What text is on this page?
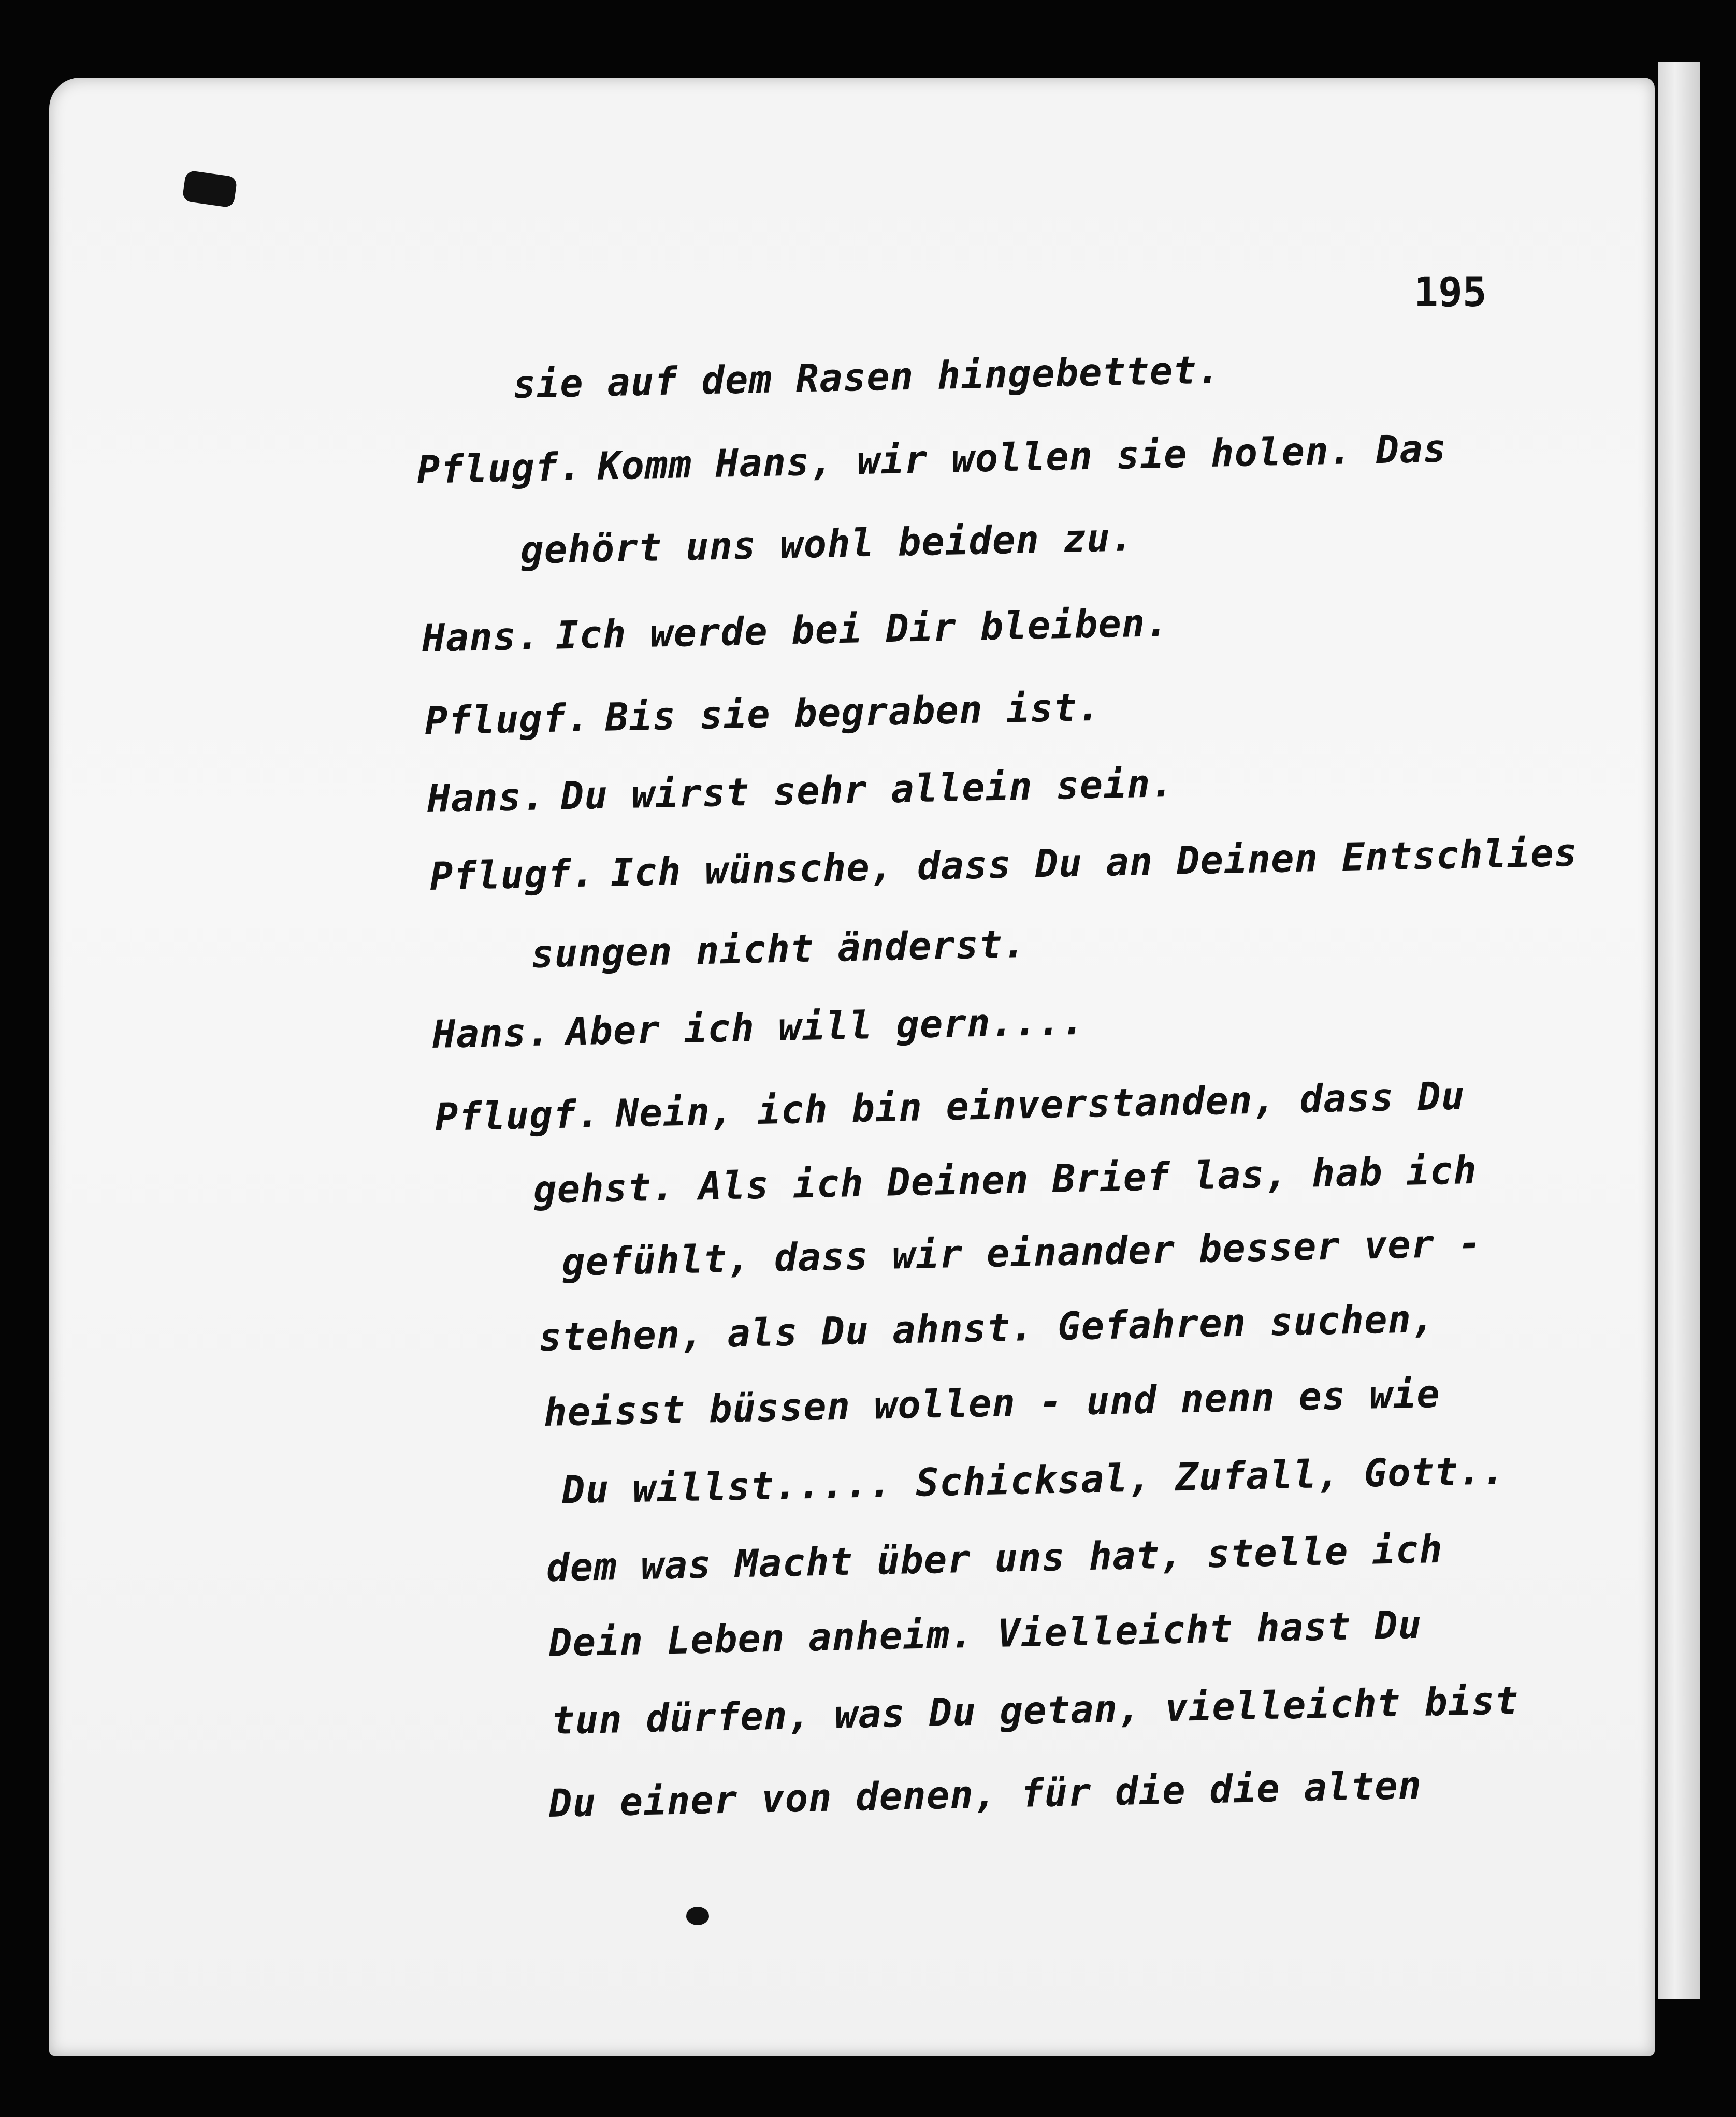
195
sie auf dem Rasen hingebettet.
Pflugf. Komm Hans, wir wollen sie holen. Das
gehört uns wohl beiden zu.
Hans. Ich werde bei Dir bleiben.
Pflugf. Bis sie begraben ist.
Hans. Du wirst sehr allein sein.
Pflugf. Ich wünsche, dass Du an Deinen Entschlies
sungen nicht änderst.
Hans. Aber ich will gern....
Pflugf. Nein, ich bin einverstanden, dass Du
gehst. Als ich Deinen Brief las, hab ich
gefühlt, dass wir einander besser ver -
stehen, als Du ahnst. Gefahren suchen,
heisst büssen wollen - und nenn es wie
Du willst..... Schicksal, Zufall, Gott..
dem was Macht über uns hat, stelle ich
Dein Leben anheim. Vielleicht hast Du
tun dürfen, was Du getan, vielleicht bist
Du einer von denen, für die die alten
